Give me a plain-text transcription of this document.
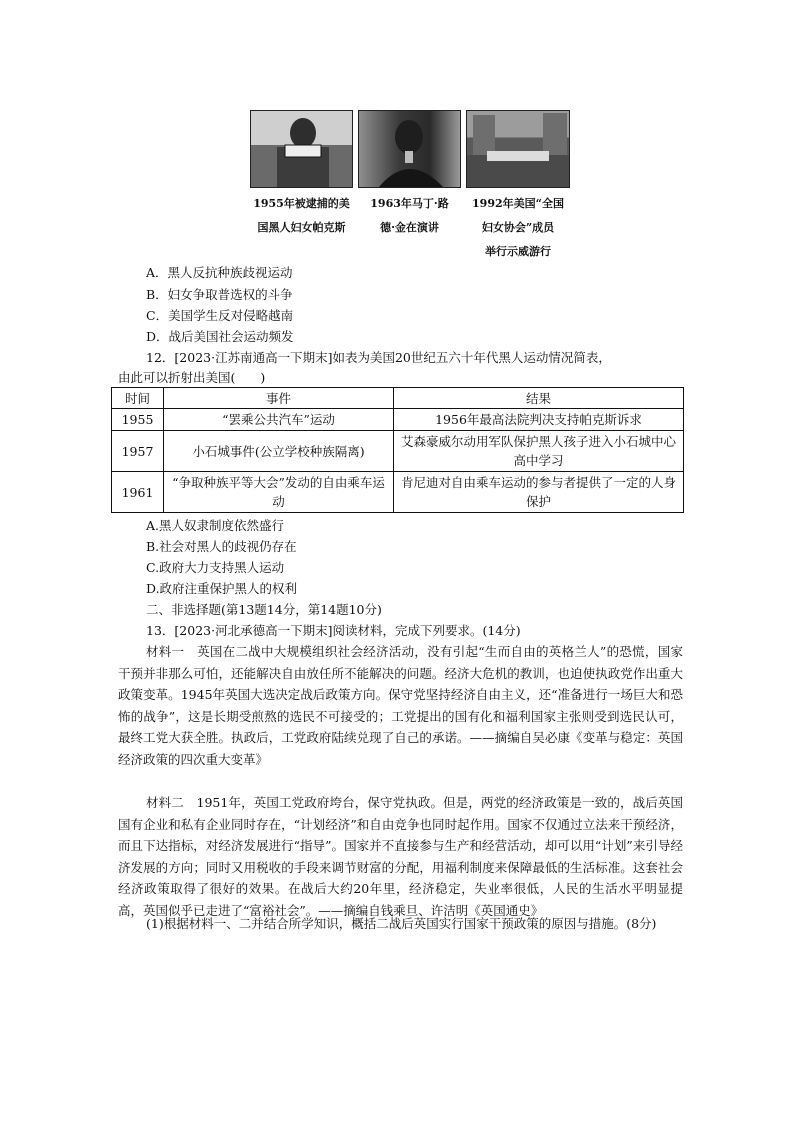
1955年被逮捕的美
国黑人妇女帕克斯
1963年马丁·路
德·金在演讲
1992年美国“全国
妇女协会”成员
举行示威游行
A．黑人反抗种族歧视运动
B．妇女争取普选权的斗争
C．美国学生反对侵略越南
D．战后美国社会运动频发
12．[2023·江苏南通高一下期末]如表为美国20世纪五六十年代黑人运动情况简表，
由此可以折射出美国(　　)
时间	事件	结果
1955	“罢乘公共汽车”运动	1956年最高法院判决支持帕克斯诉求
1957	小石城事件(公立学校种族隔离)	艾森豪威尔动用军队保护黑人孩子进入小石城中心高中学习
1961	“争取种族平等大会”发动的自由乘车运动	肯尼迪对自由乘车运动的参与者提供了一定的人身保护
A.黑人奴隶制度依然盛行
B.社会对黑人的歧视仍存在
C.政府大力支持黑人运动
D.政府注重保护黑人的权利
二、非选择题(第13题14分，第14题10分)
13．[2023·河北承德高一下期末]阅读材料，完成下列要求。(14分)
材料一　英国在二战中大规模组织社会经济活动，没有引起“生而自由的英格兰人”的恐慌，国家干预并非那么可怕，还能解决自由放任所不能解决的问题。经济大危机的教训，也迫使执政党作出重大政策变革。1945年英国大选决定战后政策方向。保守党坚持经济自由主义，还“准备进行一场巨大和恐怖的战争”，这是长期受煎熬的选民不可接受的；工党提出的国有化和福利国家主张则受到选民认可，最终工党大获全胜。执政后，工党政府陆续兑现了自己的承诺。——摘编自吴必康《变革与稳定：英国经济政策的四次重大变革》
材料二　1951年，英国工党政府垮台，保守党执政。但是，两党的经济政策是一致的，战后英国国有企业和私有企业同时存在，“计划经济”和自由竞争也同时起作用。国家不仅通过立法来干预经济，而且下达指标，对经济发展进行“指导”。国家并不直接参与生产和经营活动，却可以用“计划”来引导经济发展的方向；同时又用税收的手段来调节财富的分配，用福利制度来保障最低的生活标准。这套社会经济政策取得了很好的效果。在战后大约20年里，经济稳定，失业率很低，人民的生活水平明显提高，英国似乎已走进了“富裕社会”。——摘编自钱乘旦、许洁明《英国通史》
(1)根据材料一、二并结合所学知识，概括二战后英国实行国家干预政策的原因与措施。(8分)
